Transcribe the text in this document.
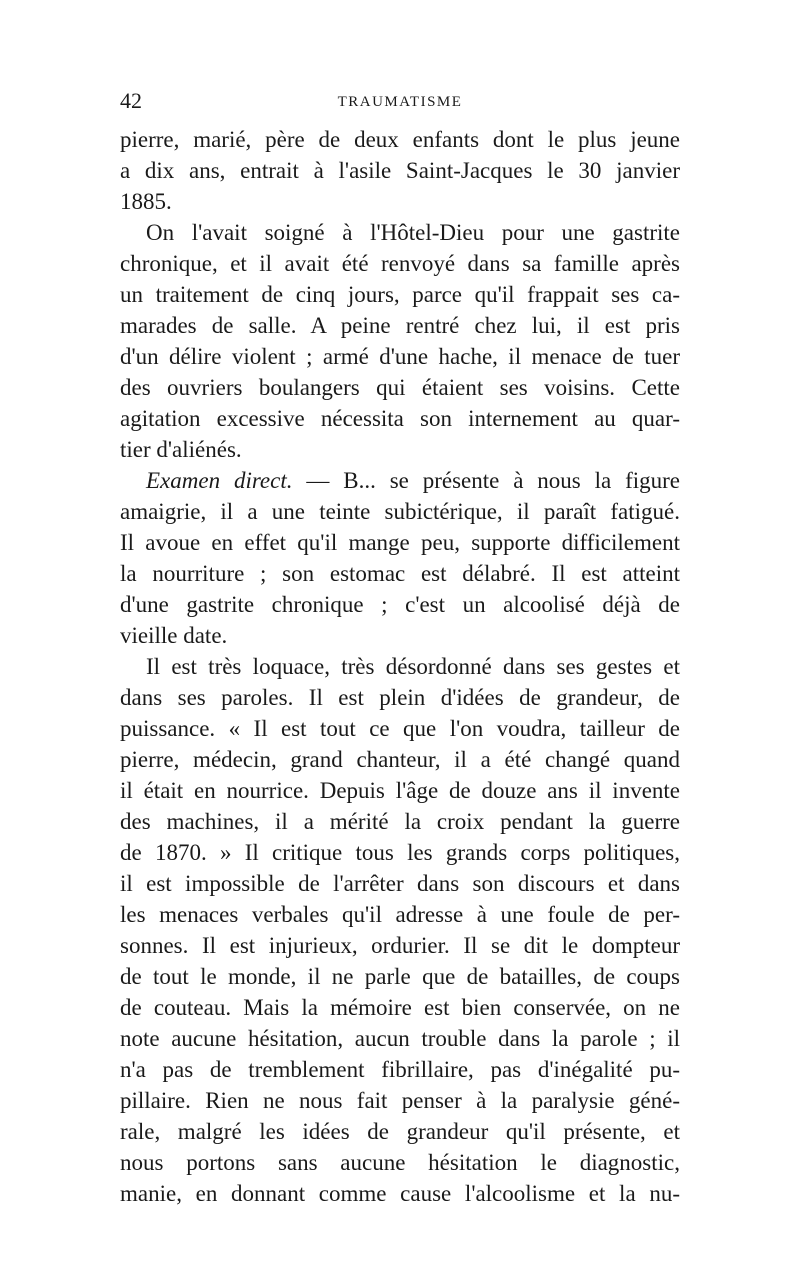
42	TRAUMATISME
pierre, marié, père de deux enfants dont le plus jeune
a dix ans, entrait à l'asile Saint-Jacques le 30 janvier
1885.
On l'avait soigné à l'Hôtel-Dieu pour une gastrite
chronique, et il avait été renvoyé dans sa famille après
un traitement de cinq jours, parce qu'il frappait ses ca-
marades de salle. A peine rentré chez lui, il est pris
d'un délire violent ; armé d'une hache, il menace de tuer
des ouvriers boulangers qui étaient ses voisins. Cette
agitation excessive nécessita son internement au quar-
tier d'aliénés.
Examen direct. — B... se présente à nous la figure
amaigrie, il a une teinte subictérique, il paraît fatigué.
Il avoue en effet qu'il mange peu, supporte difficilement
la nourriture ; son estomac est délabré. Il est atteint
d'une gastrite chronique ; c'est un alcoolisé déjà de
vieille date.
Il est très loquace, très désordonné dans ses gestes et
dans ses paroles. Il est plein d'idées de grandeur, de
puissance. « Il est tout ce que l'on voudra, tailleur de
pierre, médecin, grand chanteur, il a été changé quand
il était en nourrice. Depuis l'âge de douze ans il invente
des machines, il a mérité la croix pendant la guerre
de 1870. » Il critique tous les grands corps politiques,
il est impossible de l'arrêter dans son discours et dans
les menaces verbales qu'il adresse à une foule de per-
sonnes. Il est injurieux, ordurier. Il se dit le dompteur
de tout le monde, il ne parle que de batailles, de coups
de couteau. Mais la mémoire est bien conservée, on ne
note aucune hésitation, aucun trouble dans la parole ; il
n'a pas de tremblement fibrillaire, pas d'inégalité pu-
pillaire. Rien ne nous fait penser à la paralysie géné-
rale, malgré les idées de grandeur qu'il présente, et
nous portons sans aucune hésitation le diagnostic,
manie, en donnant comme cause l'alcoolisme et la nu-
